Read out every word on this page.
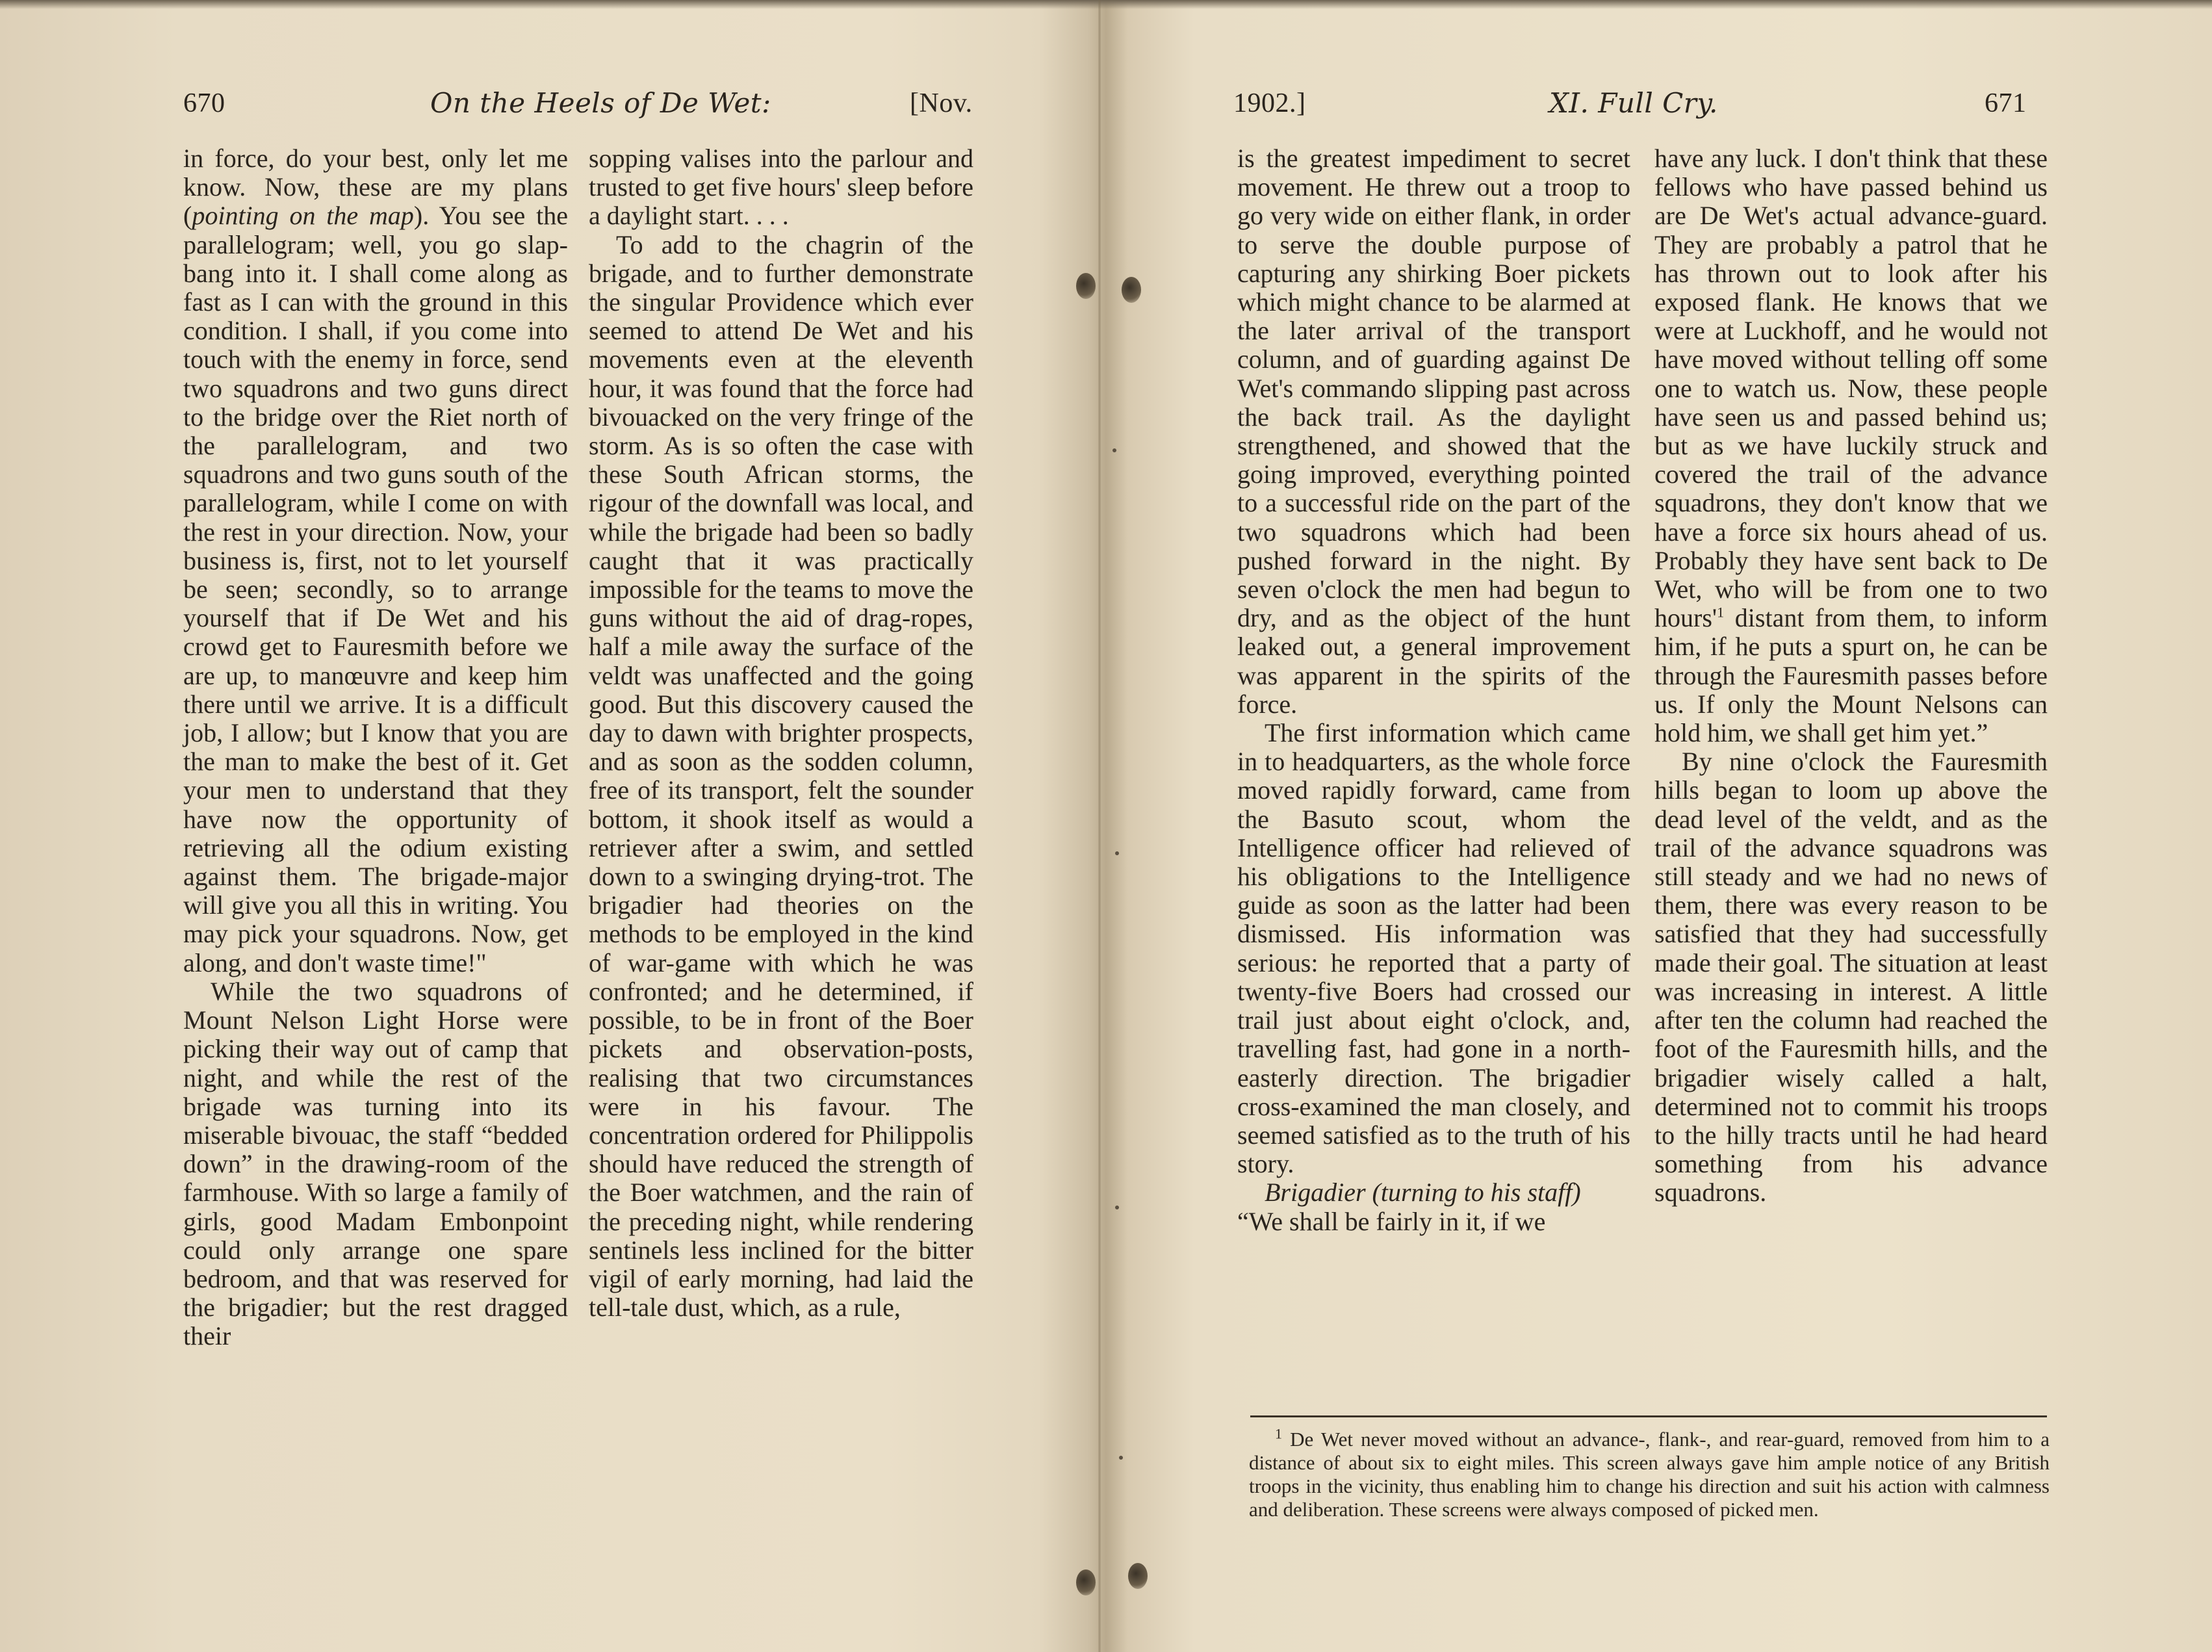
670	On the Heels of De Wet:	[Nov.

in force, do your best, only let me know. Now, these are my plans (pointing on the map). You see the parallelogram; well, you go slap-bang into it. I shall come along as fast as I can with the ground in this condition. I shall, if you come into touch with the enemy in force, send two squadrons and two guns direct to the bridge over the Riet north of the parallelogram, and two squadrons and two guns south of the parallelogram, while I come on with the rest in your direction. Now, your business is, first, not to let yourself be seen; secondly, so to arrange yourself that if De Wet and his crowd get to Fauresmith before we are up, to manœuvre and keep him there until we arrive. It is a difficult job, I allow; but I know that you are the man to make the best of it. Get your men to understand that they have now the opportunity of retrieving all the odium existing against them. The brigade-major will give you all this in writing. You may pick your squadrons. Now, get along, and don't waste time!"

While the two squadrons of Mount Nelson Light Horse were picking their way out of camp that night, and while the rest of the brigade was turning into its miserable bivouac, the staff “bedded down” in the drawing-room of the farmhouse. With so large a family of girls, good Madam Embonpoint could only arrange one spare bedroom, and that was reserved for the brigadier; but the rest dragged their

sopping valises into the parlour and trusted to get five hours' sleep before a daylight start. . . .

To add to the chagrin of the brigade, and to further demonstrate the singular Providence which ever seemed to attend De Wet and his movements even at the eleventh hour, it was found that the force had bivouacked on the very fringe of the storm. As is so often the case with these South African storms, the rigour of the downfall was local, and while the brigade had been so badly caught that it was practically impossible for the teams to move the guns without the aid of drag-ropes, half a mile away the surface of the veldt was unaffected and the going good. But this discovery caused the day to dawn with brighter prospects, and as soon as the sodden column, free of its transport, felt the sounder bottom, it shook itself as would a retriever after a swim, and settled down to a swinging drying-trot. The brigadier had theories on the methods to be employed in the kind of war-game with which he was confronted; and he determined, if possible, to be in front of the Boer pickets and observation-posts, realising that two circumstances were in his favour. The concentration ordered for Philippolis should have reduced the strength of the Boer watchmen, and the rain of the preceding night, while rendering sentinels less inclined for the bitter vigil of early morning, had laid the tell-tale dust, which, as a rule,

1902.]	XI. Full Cry.	671

is the greatest impediment to secret movement. He threw out a troop to go very wide on either flank, in order to serve the double purpose of capturing any shirking Boer pickets which might chance to be alarmed at the later arrival of the transport column, and of guarding against De Wet's commando slipping past across the back trail. As the daylight strengthened, and showed that the going improved, everything pointed to a successful ride on the part of the two squadrons which had been pushed forward in the night. By seven o'clock the men had begun to dry, and as the object of the hunt leaked out, a general improvement was apparent in the spirits of the force.

The first information which came in to headquarters, as the whole force moved rapidly forward, came from the Basuto scout, whom the Intelligence officer had relieved of his obligations to the Intelligence guide as soon as the latter had been dismissed. His information was serious: he reported that a party of twenty-five Boers had crossed our trail just about eight o'clock, and, travelling fast, had gone in a north-easterly direction. The brigadier cross-examined the man closely, and seemed satisfied as to the truth of his story.

Brigadier (turning to his staff)

“We shall be fairly in it, if we

have any luck. I don't think that these fellows who have passed behind us are De Wet's actual advance-guard. They are probably a patrol that he has thrown out to look after his exposed flank. He knows that we were at Luckhoff, and he would not have moved without telling off some one to watch us. Now, these people have seen us and passed behind us; but as we have luckily struck and covered the trail of the advance squadrons, they don't know that we have a force six hours ahead of us. Probably they have sent back to De Wet, who will be from one to two hours'$^1$ distant from them, to inform him, if he puts a spurt on, he can be through the Fauresmith passes before us. If only the Mount Nelsons can hold him, we shall get him yet.”

By nine o'clock the Fauresmith hills began to loom up above the dead level of the veldt, and as the trail of the advance squadrons was still steady and we had no news of them, there was every reason to be satisfied that they had successfully made their goal. The situation at least was increasing in interest. A little after ten the column had reached the foot of the Fauresmith hills, and the brigadier wisely called a halt, determined not to commit his troops to the hilly tracts until he had heard something from his advance squadrons.

$^1$ De Wet never moved without an advance-, flank-, and rear-guard, removed from him to a distance of about six to eight miles. This screen always gave him ample notice of any British troops in the vicinity, thus enabling him to change his direction and suit his action with calmness and deliberation. These screens were always composed of picked men.
